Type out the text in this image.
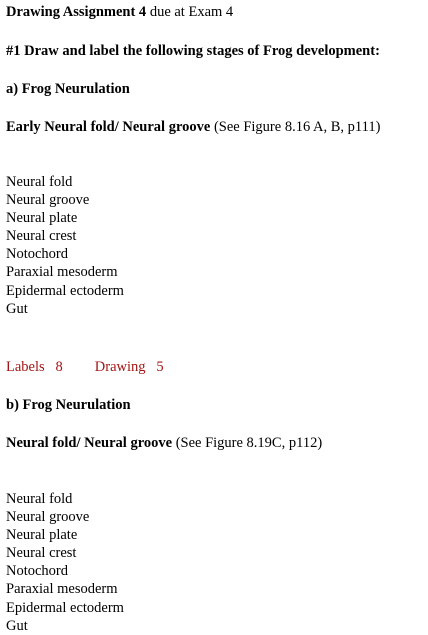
Drawing Assignment 4 due at Exam 4

#1 Draw and label the following stages of Frog development:

a) Frog Neurulation

Early Neural fold/ Neural groove (See Figure 8.16 A, B, p111)

Neural fold
Neural groove
Neural plate
Neural crest
Notochord
Paraxial mesoderm
Epidermal ectoderm
Gut

Labels   8 Drawing   5

b) Frog Neurulation

Neural fold/ Neural groove (See Figure 8.19C, p112)

Neural fold
Neural groove
Neural plate
Neural crest
Notochord
Paraxial mesoderm
Epidermal ectoderm
Gut
